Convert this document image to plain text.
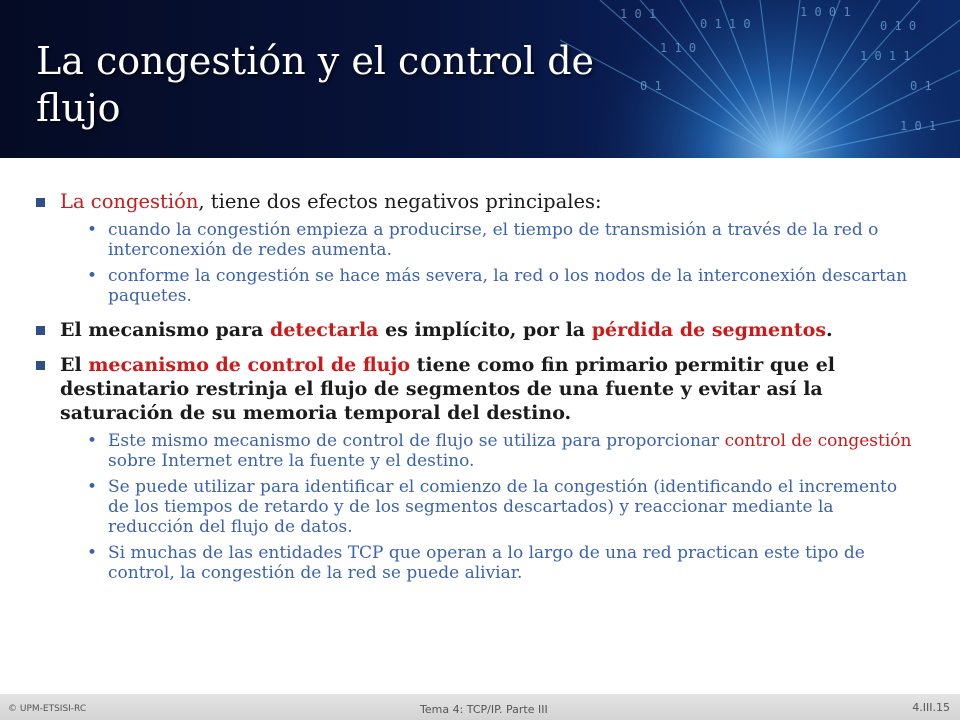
1 0 1
0 1 1 0
1 0 0 1
0 1 0
1 1 0
1 0 1 1
0 1
0 1
1 0 1
La congestión y el control de flujo
La congestión, tiene dos efectos negativos principales:
• cuando la congestión empieza a producirse, el tiempo de transmisión a través de la red o interconexión de redes aumenta.
• conforme la congestión se hace más severa, la red o los nodos de la interconexión descartan paquetes.
El mecanismo para detectarla es implícito, por la pérdida de segmentos.
El mecanismo de control de flujo tiene como fin primario permitir que el destinatario restrinja el flujo de segmentos de una fuente y evitar así la saturación de su memoria temporal del destino.
• Este mismo mecanismo de control de flujo se utiliza para proporcionar control de congestión sobre Internet entre la fuente y el destino.
• Se puede utilizar para identificar el comienzo de la congestión (identificando el incremento de los tiempos de retardo y de los segmentos descartados) y reaccionar mediante la reducción del flujo de datos.
• Si muchas de las entidades TCP que operan a lo largo de una red practican este tipo de control, la congestión de la red se puede aliviar.
© UPM-ETSISI-RC	Tema 4: TCP/IP. Parte III	4.III.15
